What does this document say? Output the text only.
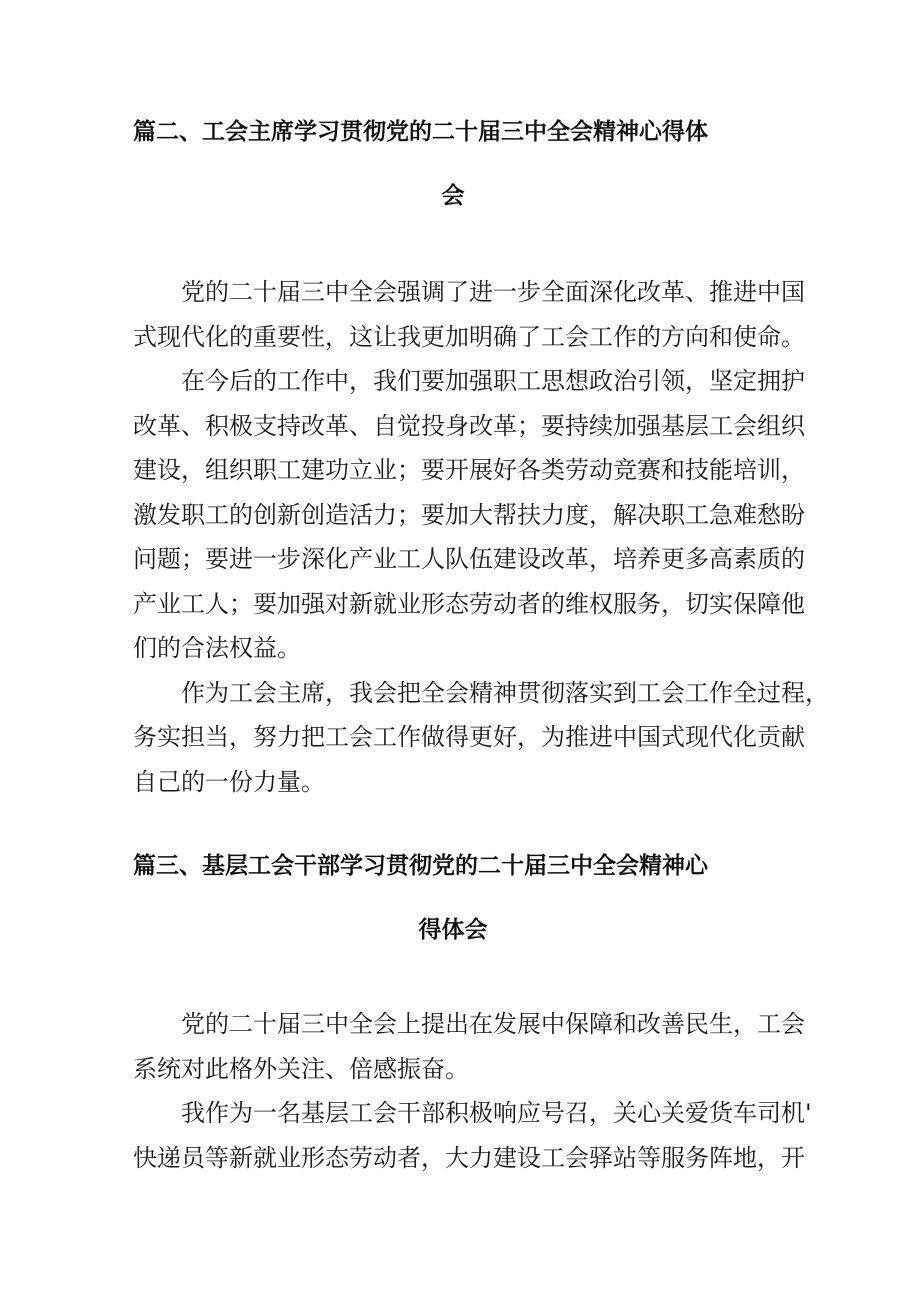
篇二、工会主席学习贯彻党的二十届三中全会精神心得体
会
党的二十届三中全会强调了进一步全面深化改革、推进中国
式现代化的重要性，这让我更加明确了工会工作的方向和使命。
在今后的工作中，我们要加强职工思想政治引领，坚定拥护
改革、积极支持改革、自觉投身改革；要持续加强基层工会组织
建设，组织职工建功立业；要开展好各类劳动竞赛和技能培训，
激发职工的创新创造活力；要加大帮扶力度，解决职工急难愁盼
问题；要进一步深化产业工人队伍建设改革，培养更多高素质的
产业工人；要加强对新就业形态劳动者的维权服务，切实保障他
们的合法权益。
作为工会主席，我会把全会精神贯彻落实到工会工作全过程，
务实担当，努力把工会工作做得更好，为推进中国式现代化贡献
自己的一份力量。
篇三、基层工会干部学习贯彻党的二十届三中全会精神心
得体会
党的二十届三中全会上提出在发展中保障和改善民生，工会
系统对此格外关注、倍感振奋。
我作为一名基层工会干部积极响应号召，关心关爱货车司机'
快递员等新就业形态劳动者，大力建设工会驿站等服务阵地，开
